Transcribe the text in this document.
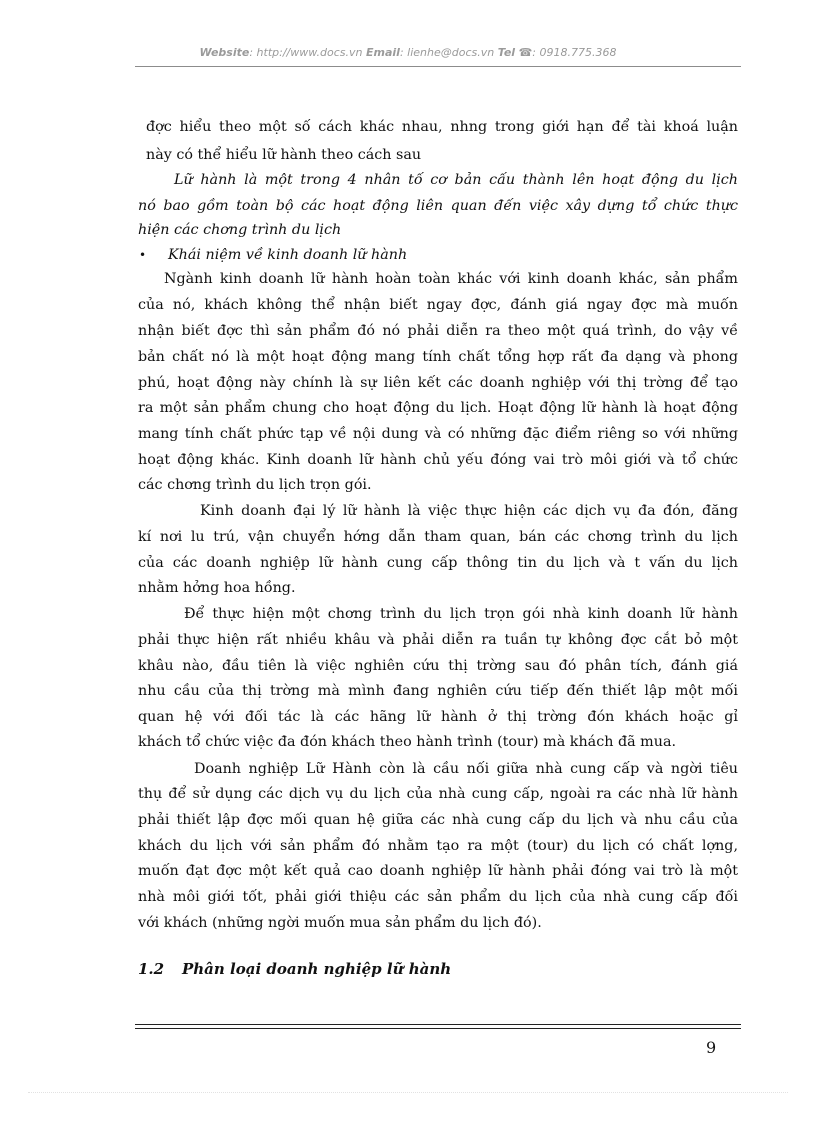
Website: http://www.docs.vn Email: lienhe@docs.vn Tel ☎: 0918.775.368
đợc hiểu theo một số cách khác nhau, nhng trong giới hạn để tài khoá luận
này có thể hiểu lữ hành theo cách sau
Lữ hành là một trong 4 nhân tố cơ bản cấu thành lên hoạt động du lịch
nó bao gồm toàn bộ các hoạt động liên quan đến việc xây dựng tổ chức thực
hiện các chơng trình du lịch
Khái niệm về kinh doanh lữ hành
Ngành kinh doanh lữ hành hoàn toàn khác với kinh doanh khác, sản phẩm
của nó, khách không thể nhận biết ngay đợc, đánh giá ngay đợc mà muốn
nhận biết đợc thì sản phẩm đó nó phải diễn ra theo một quá trình, do vậy về
bản chất nó là một hoạt động mang tính chất tổng hợp rất đa dạng và phong
phú, hoạt động này chính là sự liên kết các doanh nghiệp với thị trờng để tạo
ra một sản phẩm chung cho hoạt động du lịch. Hoạt động lữ hành là hoạt động
mang tính chất phức tạp về nội dung và có những đặc điểm riêng so với những
hoạt động khác. Kinh doanh lữ hành chủ yếu đóng vai trò môi giới và tổ chức
các chơng trình du lịch trọn gói.
Kinh doanh đại lý lữ hành là việc thực hiện các dịch vụ đa đón, đăng
kí nơi lu trú, vận chuyển hớng dẫn tham quan, bán các chơng trình du lịch
của các doanh nghiệp lữ hành cung cấp thông tin du lịch và t vấn du lịch
nhằm hởng hoa hồng.
Để thực hiện một chơng trình du lịch trọn gói nhà kinh doanh lữ hành
phải thực hiện rất nhiều khâu và phải diễn ra tuần tự không đợc cắt bỏ một
khâu nào, đầu tiên là việc nghiên cứu thị trờng sau đó phân tích, đánh giá
nhu cầu của thị trờng mà mình đang nghiên cứu tiếp đến thiết lập một mối
quan hệ với đối tác là các hãng lữ hành ở thị trờng đón khách hoặc gỉ
khách tổ chức việc đa đón khách theo hành trình (tour) mà khách đã mua.
Doanh nghiệp Lữ Hành còn là cầu nối giữa nhà cung cấp và ngời tiêu
thụ để sử dụng các dịch vụ du lịch của nhà cung cấp, ngoài ra các nhà lữ hành
phải thiết lập đợc mối quan hệ giữa các nhà cung cấp du lịch và nhu cầu của
khách du lịch với sản phẩm đó nhằm tạo ra một (tour) du lịch có chất lợng,
muốn đạt đợc một kết quả cao doanh nghiệp lữ hành phải đóng vai trò là một
nhà môi giới tốt, phải giới thiệu các sản phẩm du lịch của nhà cung cấp đối
với khách (những ngời muốn mua sản phẩm du lịch đó).
•
1.2 Phân loại doanh nghiệp lữ hành
9
